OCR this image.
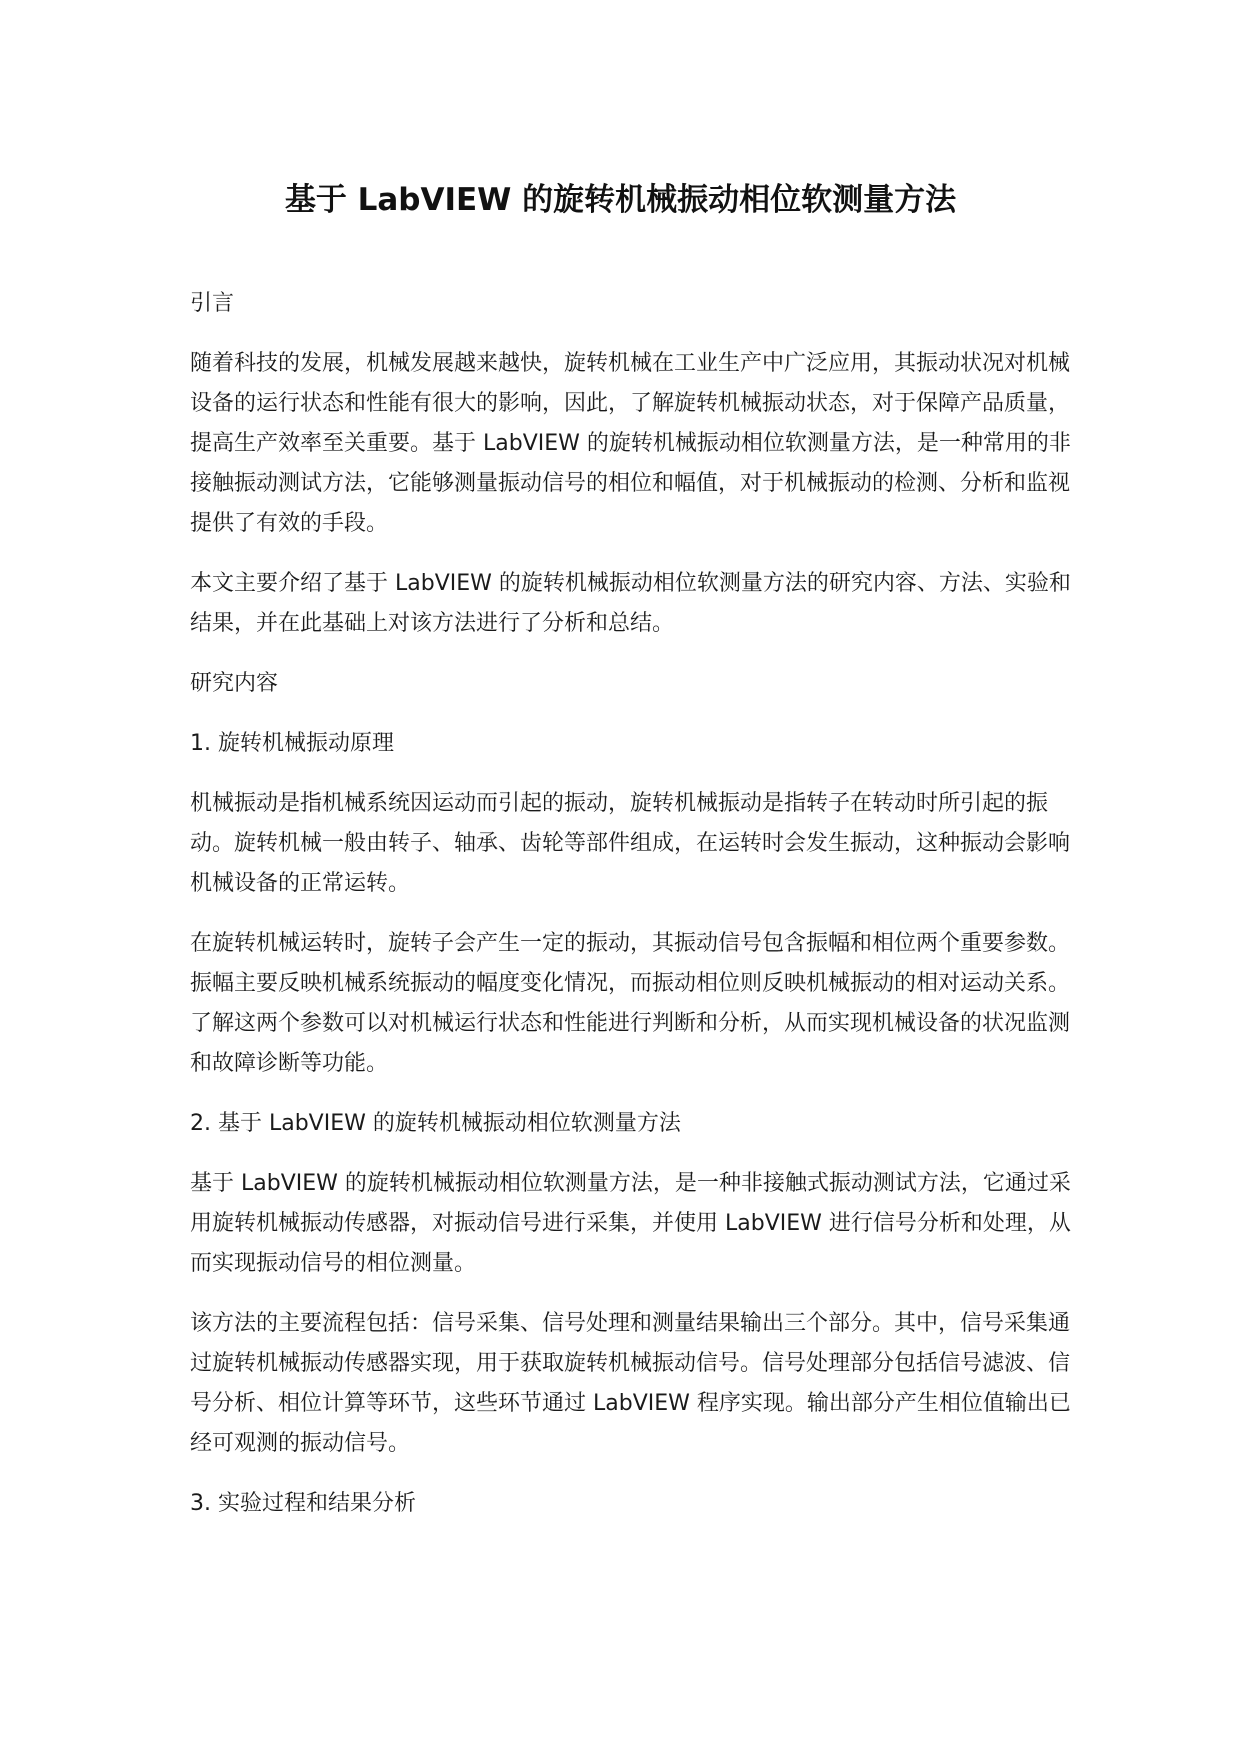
基于 LabVIEW 的旋转机械振动相位软测量方法

引言

随着科技的发展，机械发展越来越快，旋转机械在工业生产中广泛应用，其振动状况对机械设备的运行状态和性能有很大的影响，因此，了解旋转机械振动状态，对于保障产品质量，提高生产效率至关重要。基于 LabVIEW 的旋转机械振动相位软测量方法，是一种常用的非接触振动测试方法，它能够测量振动信号的相位和幅值，对于机械振动的检测、分析和监视提供了有效的手段。

本文主要介绍了基于 LabVIEW 的旋转机械振动相位软测量方法的研究内容、方法、实验和结果，并在此基础上对该方法进行了分析和总结。

研究内容

1. 旋转机械振动原理

机械振动是指机械系统因运动而引起的振动，旋转机械振动是指转子在转动时所引起的振动。旋转机械一般由转子、轴承、齿轮等部件组成，在运转时会发生振动，这种振动会影响机械设备的正常运转。

在旋转机械运转时，旋转子会产生一定的振动，其振动信号包含振幅和相位两个重要参数。振幅主要反映机械系统振动的幅度变化情况，而振动相位则反映机械振动的相对运动关系。了解这两个参数可以对机械运行状态和性能进行判断和分析，从而实现机械设备的状况监测和故障诊断等功能。

2. 基于 LabVIEW 的旋转机械振动相位软测量方法

基于 LabVIEW 的旋转机械振动相位软测量方法，是一种非接触式振动测试方法，它通过采用旋转机械振动传感器，对振动信号进行采集，并使用 LabVIEW 进行信号分析和处理，从而实现振动信号的相位测量。

该方法的主要流程包括：信号采集、信号处理和测量结果输出三个部分。其中，信号采集通过旋转机械振动传感器实现，用于获取旋转机械振动信号。信号处理部分包括信号滤波、信号分析、相位计算等环节，这些环节通过 LabVIEW 程序实现。输出部分产生相位值输出已经可观测的振动信号。

3. 实验过程和结果分析
